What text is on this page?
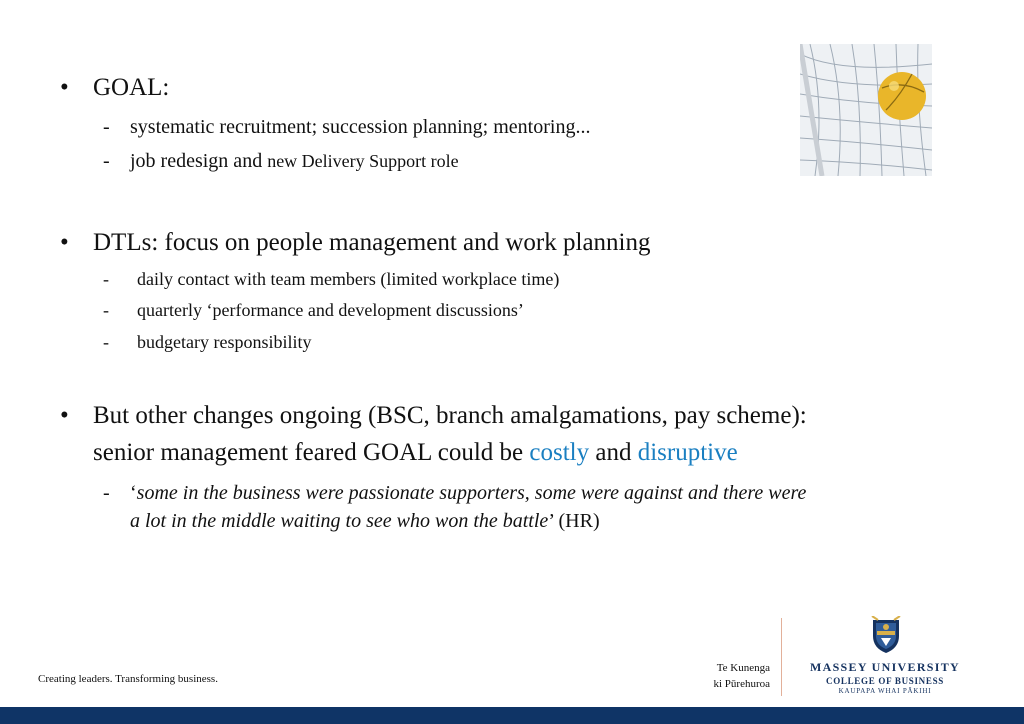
• GOAL:
- systematic recruitment; succession planning; mentoring...
- job redesign and new Delivery Support role
• DTLs: focus on people management and work planning
- daily contact with team members (limited workplace time)
- quarterly ‘performance and development discussions’
- budgetary responsibility
• But other changes ongoing (BSC, branch amalgamations, pay scheme):
senior management feared GOAL could be costly and disruptive
- ‘some in the business were passionate supporters, some were against and there were
a lot in the middle waiting to see who won the battle’ (HR)
Creating leaders. Transforming business.
Te Kunenga
ki Pūrehuroa
MASSEY UNIVERSITY
COLLEGE OF BUSINESS
KAUPAPA WHAI PĀKIHI
